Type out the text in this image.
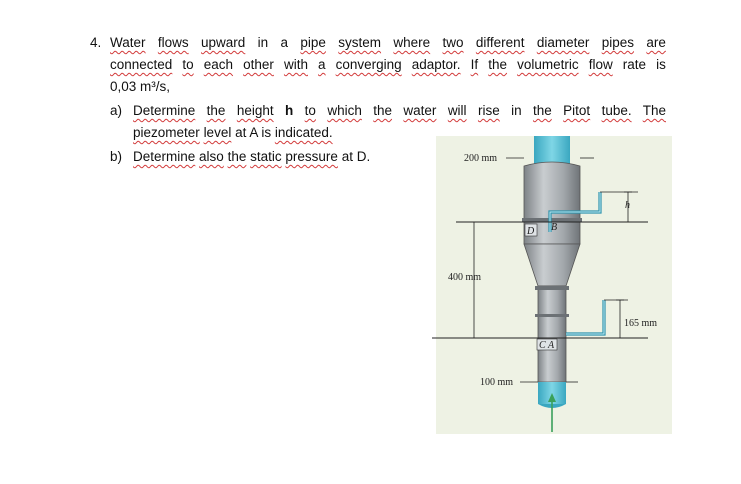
4. Water flows upward in a pipe system where two different diameter pipes are
connected to each other with a converging adaptor. If the volumetric flow rate is
0,03 m³/s,
a) Determine the height h to which the water will rise in the Pitot tube. The
piezometer level at A is indicated.
b) Determine also the static pressure at D.
h
165 mm
400 mm
200 mm
100 mm
D B
C A
